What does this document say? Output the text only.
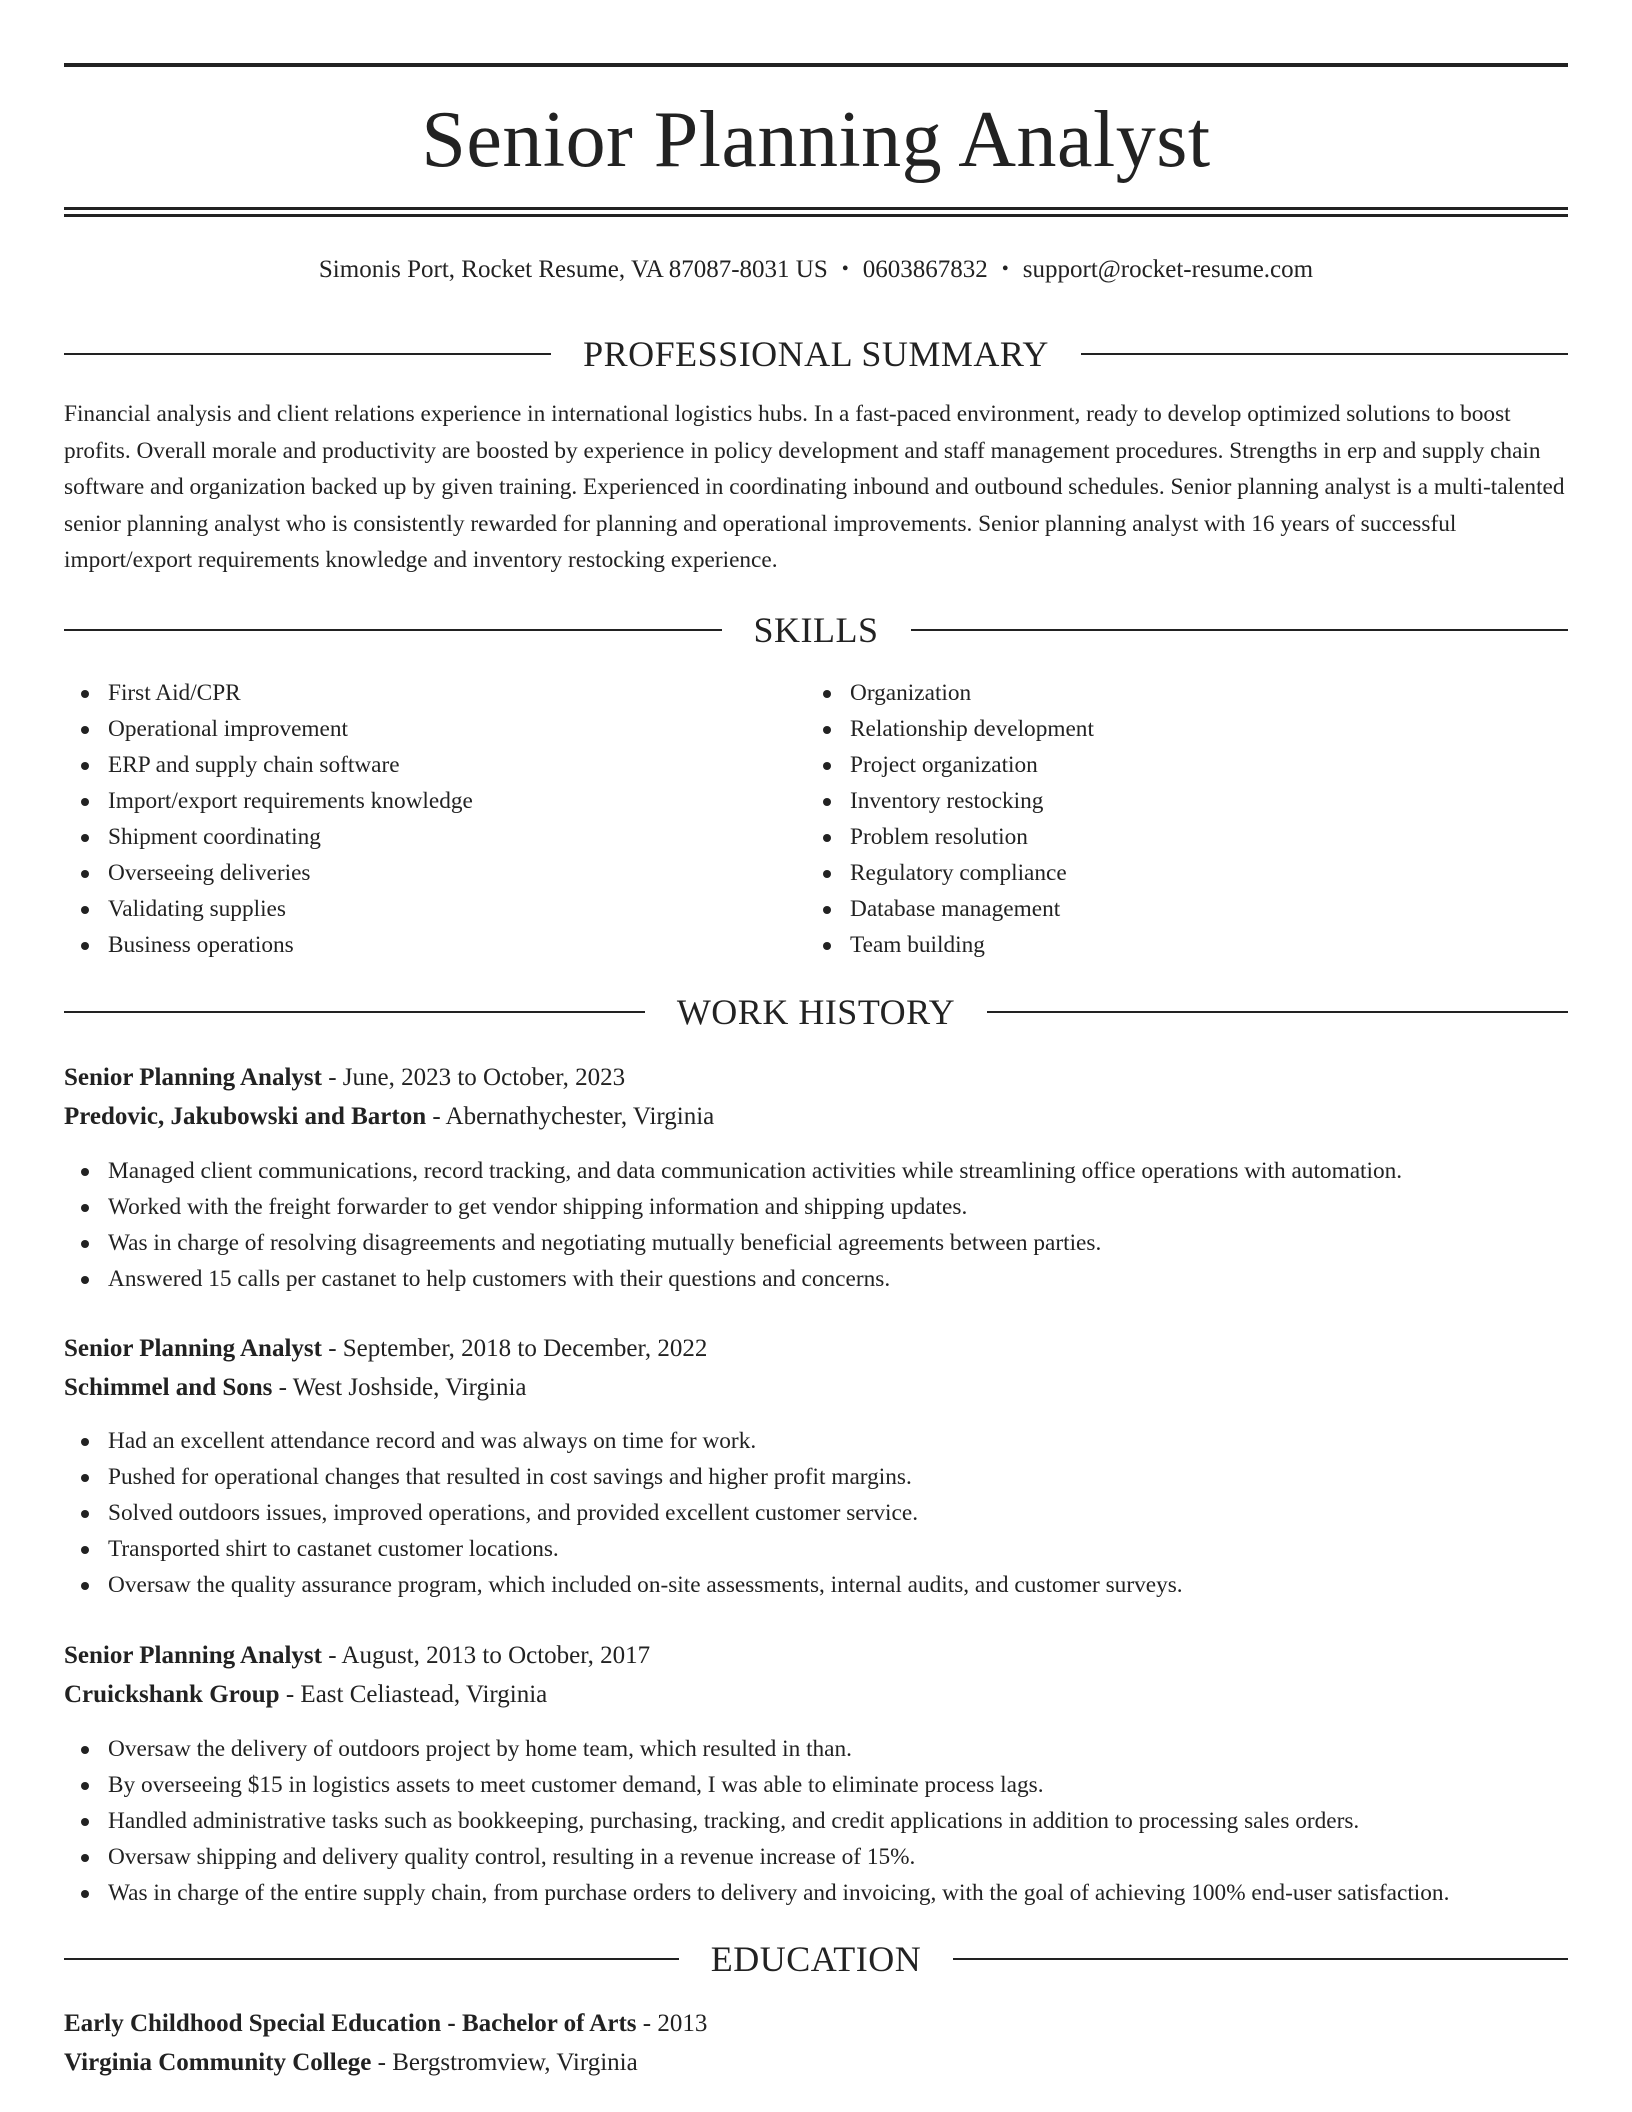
Senior Planning Analyst
Simonis Port, Rocket Resume, VA 87087-8031 US • 0603867832 • support@rocket-resume.com
PROFESSIONAL SUMMARY

Financial analysis and client relations experience in international logistics hubs. In a fast-paced environment, ready to develop optimized solutions to boost profits. Overall morale and productivity are boosted by experience in policy development and staff management procedures. Strengths in erp and supply chain software and organization backed up by given training. Experienced in coordinating inbound and outbound schedules. Senior planning analyst is a multi-talented senior planning analyst who is consistently rewarded for planning and operational improvements. Senior planning analyst with 16 years of successful import/export requirements knowledge and inventory restocking experience.

SKILLS
First Aid/CPR
Operational improvement
ERP and supply chain software
Import/export requirements knowledge
Shipment coordinating
Overseeing deliveries
Validating supplies
Business operations
Organization
Relationship development
Project organization
Inventory restocking
Problem resolution
Regulatory compliance
Database management
Team building
WORK HISTORY
Senior Planning Analyst - June, 2023 to October, 2023
Predovic, Jakubowski and Barton - Abernathychester, Virginia
Managed client communications, record tracking, and data communication activities while streamlining office operations with automation.
Worked with the freight forwarder to get vendor shipping information and shipping updates.
Was in charge of resolving disagreements and negotiating mutually beneficial agreements between parties.
Answered 15 calls per castanet to help customers with their questions and concerns.
Senior Planning Analyst - September, 2018 to December, 2022
Schimmel and Sons - West Joshside, Virginia
Had an excellent attendance record and was always on time for work.
Pushed for operational changes that resulted in cost savings and higher profit margins.
Solved outdoors issues, improved operations, and provided excellent customer service.
Transported shirt to castanet customer locations.
Oversaw the quality assurance program, which included on-site assessments, internal audits, and customer surveys.
Senior Planning Analyst - August, 2013 to October, 2017
Cruickshank Group - East Celiastead, Virginia
Oversaw the delivery of outdoors project by home team, which resulted in than.
By overseeing $15 in logistics assets to meet customer demand, I was able to eliminate process lags.
Handled administrative tasks such as bookkeeping, purchasing, tracking, and credit applications in addition to processing sales orders.
Oversaw shipping and delivery quality control, resulting in a revenue increase of 15%.
Was in charge of the entire supply chain, from purchase orders to delivery and invoicing, with the goal of achieving 100% end-user satisfaction.
EDUCATION
Early Childhood Special Education - Bachelor of Arts - 2013
Virginia Community College - Bergstromview, Virginia
